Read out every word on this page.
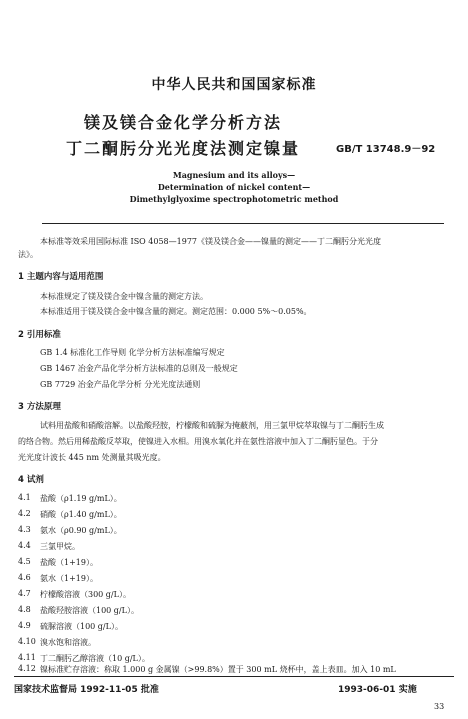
中华人民共和国国家标准
镁及镁合金化学分析方法
丁二酮肟分光光度法测定镍量	GB/T 13748.9－92
Magnesium and its alloys—
Determination of nickel content—
Dimethylglyoxime spectrophotometric method
本标准等效采用国际标准 ISO 4058—1977《镁及镁合金——镍量的测定——丁二酮肟分光光度
法》。
1 主题内容与适用范围
本标准规定了镁及镁合金中镍含量的测定方法。
本标准适用于镁及镁合金中镍含量的测定。测定范围：0.000 5%～0.05%。
2 引用标准
GB 1.4 标准化工作导则 化学分析方法标准编写规定
GB 1467 冶金产品化学分析方法标准的总则及一般规定
GB 7729 冶金产品化学分析 分光光度法通则
3 方法原理
试料用盐酸和硝酸溶解。以盐酸羟胺，柠檬酸和硫脲为掩蔽剂，用三氯甲烷萃取镍与丁二酮肟生成
的络合物。然后用稀盐酸反萃取，使镍进入水相。用溴水氧化并在氨性溶液中加入丁二酮肟显色。于分
光光度计波长 445 nm 处测量其吸光度。
4 试剂
4.1 盐酸（ρ1.19 g/mL）。
4.2 硝酸（ρ1.40 g/mL）。
4.3 氨水（ρ0.90 g/mL）。
4.4 三氯甲烷。
4.5 盐酸（1+19）。
4.6 氨水（1+19）。
4.7 柠檬酸溶液（300 g/L）。
4.8 盐酸羟胺溶液（100 g/L）。
4.9 硫脲溶液（100 g/L）。
4.10 溴水饱和溶液。
4.11 丁二酮肟乙醇溶液（10 g/L）。
4.12 镍标准贮存溶液：称取 1.000 g 金属镍（>99.8%）置于 300 mL 烧杯中，盖上表皿。加入 10 mL
国家技术监督局 1992-11-05 批准	1993-06-01 实施
33
